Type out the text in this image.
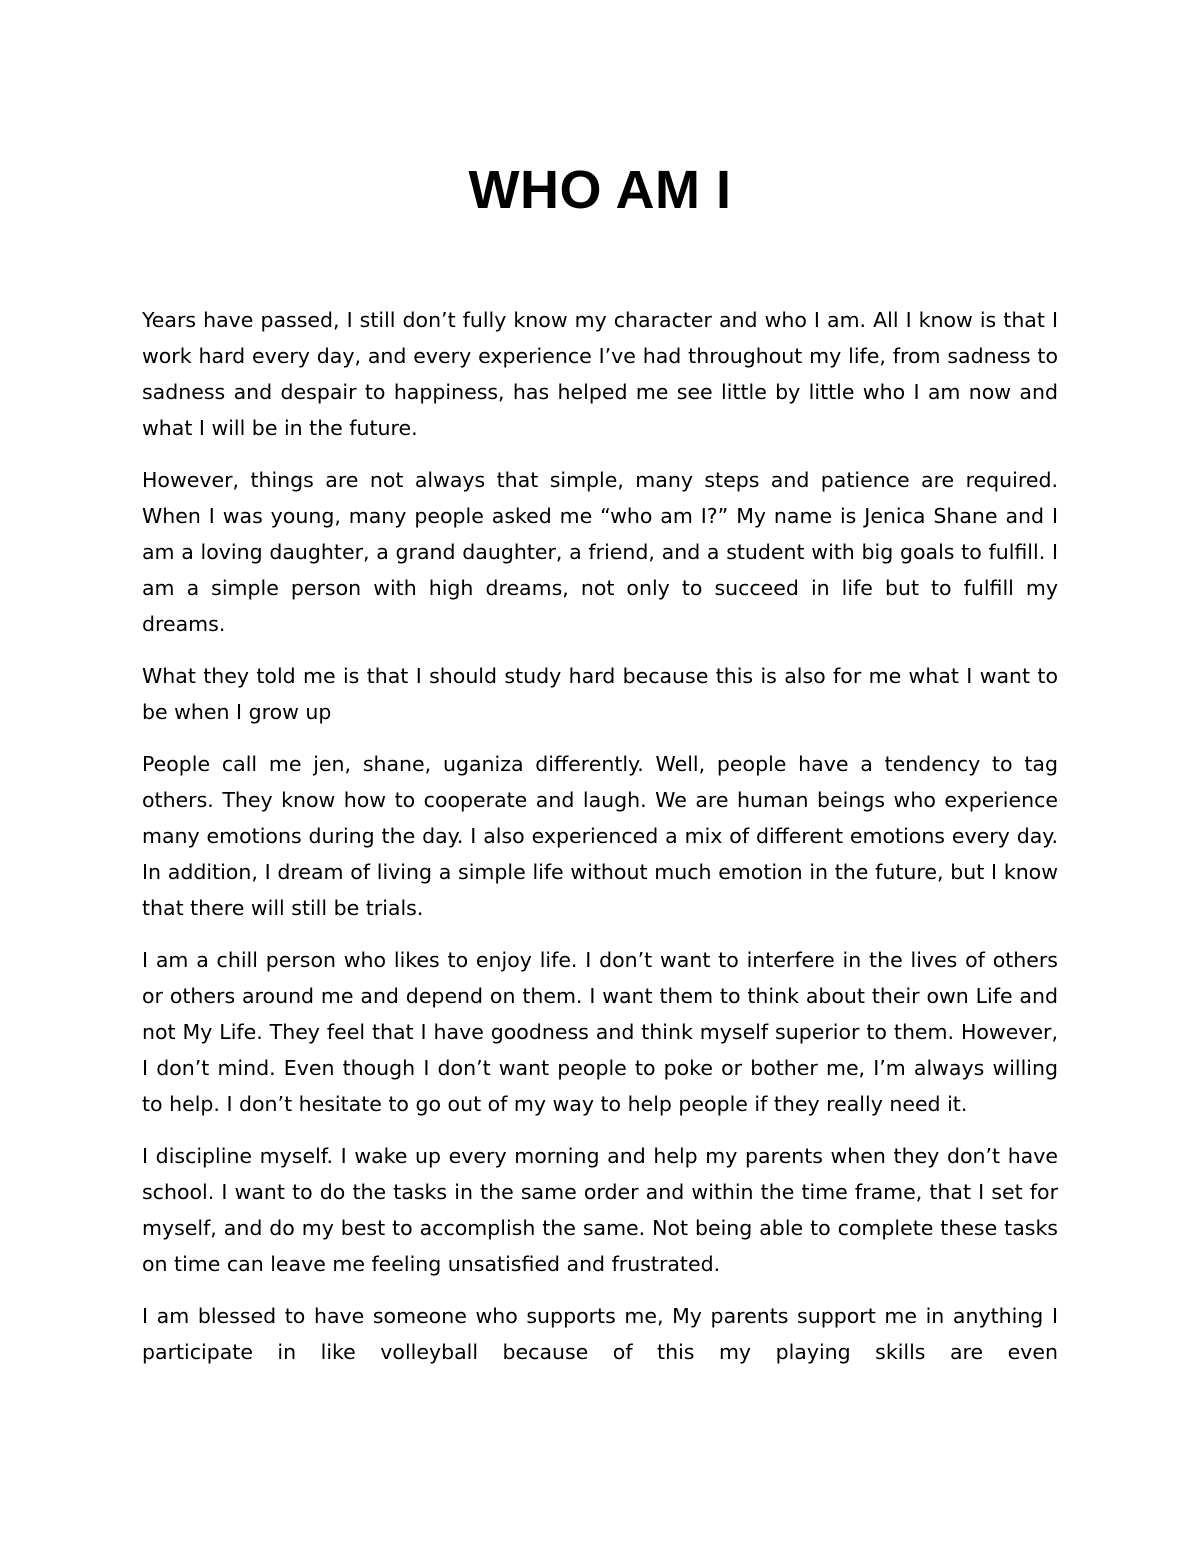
WHO AM I

Years have passed, I still don’t fully know my character and who I am. All I know is that I work hard every day, and every experience I’ve had throughout my life, from sadness to sadness and despair to happiness, has helped me see little by little who I am now and what I will be in the future.

However, things are not always that simple, many steps and patience are required. When I was young, many people asked me “who am I?” My name is Jenica Shane and I am a loving daughter, a grand daughter, a friend, and a student with big goals to fulfill. I am a simple person with high dreams, not only to succeed in life but to fulfill my dreams.

What they told me is that I should study hard because this is also for me what I want to be when I grow up

People call me jen, shane, uganiza differently. Well, people have a tendency to tag others. They know how to cooperate and laugh. We are human beings who experience many emotions during the day. I also experienced a mix of different emotions every day. In addition, I dream of living a simple life without much emotion in the future, but I know that there will still be trials.

I am a chill person who likes to enjoy life. I don’t want to interfere in the lives of others or others around me and depend on them. I want them to think about their own Life and not My Life. They feel that I have goodness and think myself superior to them. However, I don’t mind. Even though I don’t want people to poke or bother me, I’m always willing to help. I don’t hesitate to go out of my way to help people if they really need it.

I discipline myself. I wake up every morning and help my parents when they don’t have school. I want to do the tasks in the same order and within the time frame, that I set for myself, and do my best to accomplish the same. Not being able to complete these tasks on time can leave me feeling unsatisfied and frustrated.

I am blessed to have someone who supports me, My parents support me in anything I participate in like volleyball because of this my playing skills are even
